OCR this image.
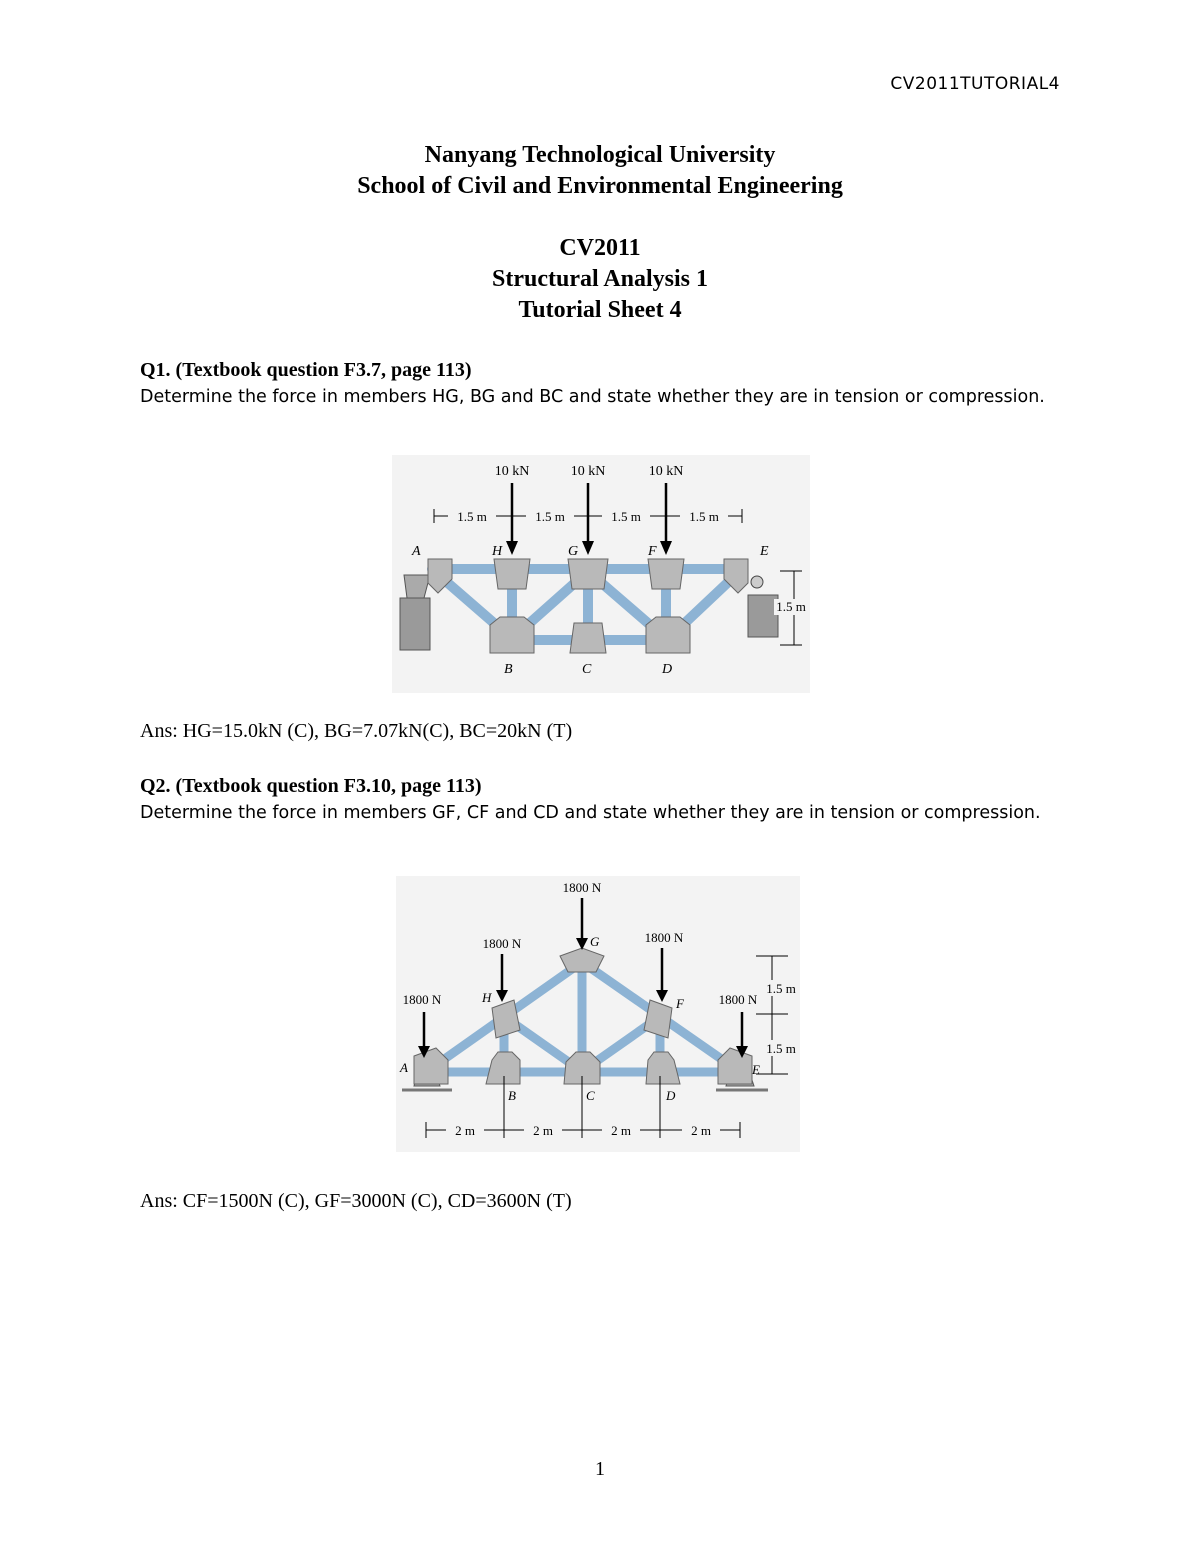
CV2011TUTORIAL4
Nanyang Technological University
School of Civil and Environmental Engineering
CV2011
Structural Analysis 1
Tutorial Sheet 4
Q1. (Textbook question F3.7, page 113)
Determine the force in members HG, BG and BC and state whether they are in tension or compression.
10 kN	10 kN	10 kN
1.5 m	1.5 m	1.5 m	1.5 m
1.5 m
A	H	G	F	E
B	C	D
Ans: HG=15.0kN (C), BG=7.07kN(C), BC=20kN (T)
Q2. (Textbook question F3.10, page 113)
Determine the force in members GF, CF and CD and state whether they are in tension or compression.
1800 N
1800 N	1800 N
1800 N	1800 N
2 m	2 m	2 m	2 m
1.5 m
1.5 m
A
B	C	D
E
F
G
H
Ans: CF=1500N (C), GF=3000N (C), CD=3600N (T)
1
